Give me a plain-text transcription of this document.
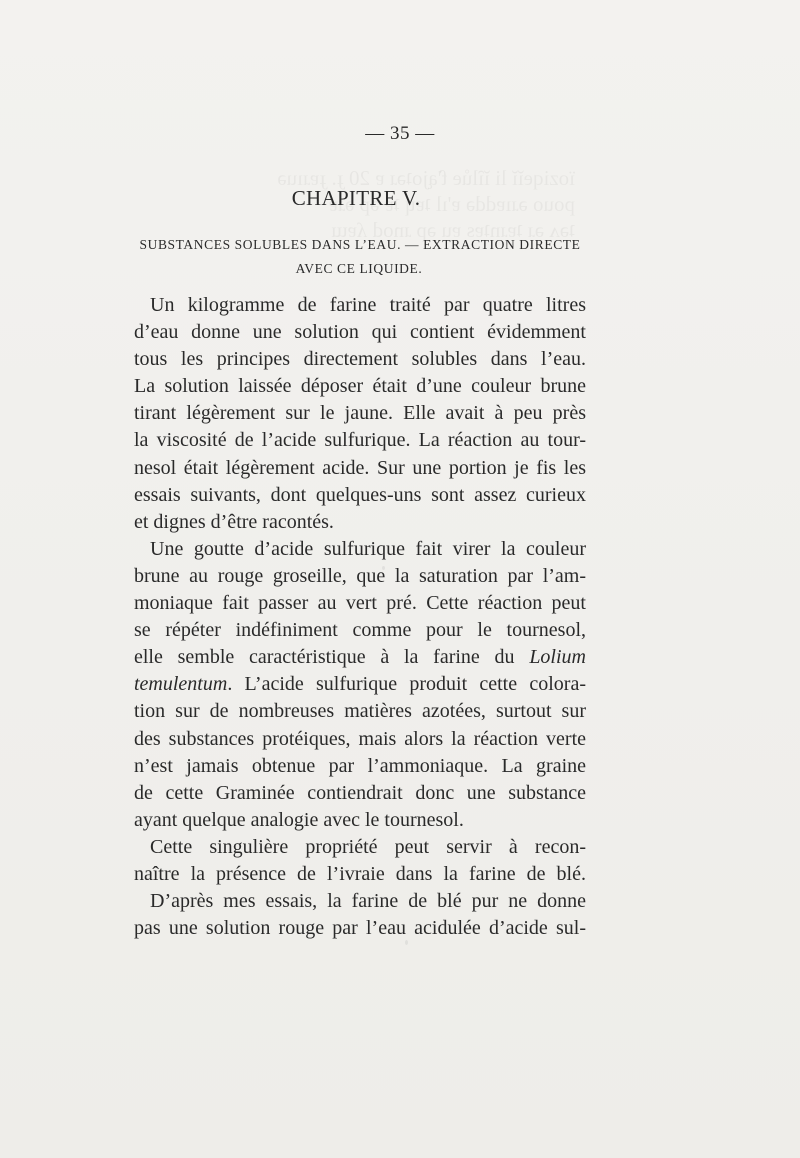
— 35 —
CHAPITRE V.
SUBSTANCES SOLUBLES DANS L’EAU. — EXTRACTION DIRECTE
AVEC CE LIQUIDE.
Un kilogramme de farine traité par quatre litres
d’eau donne une solution qui contient évidemment
tous les principes directement solubles dans l’eau.
La solution laissée déposer était d’une couleur brune
tirant légèrement sur le jaune. Elle avait à peu près
la viscosité de l’acide sulfurique. La réaction au tour-
nesol était légèrement acide. Sur une portion je fis les
essais suivants, dont quelques-uns sont assez curieux
et dignes d’être racontés.
Une goutte d’acide sulfurique fait virer la couleur
brune au rouge groseille, que la saturation par l’am-
moniaque fait passer au vert pré. Cette réaction peut
se répéter indéfiniment comme pour le tournesol,
elle semble caractéristique à la farine du Lolium
temulentum. L’acide sulfurique produit cette colora-
tion sur de nombreuses matières azotées, surtout sur
des substances protéiques, mais alors la réaction verte
n’est jamais obtenue par l’ammoniaque. La graine
de cette Graminée contiendrait donc une substance
ayant quelque analogie avec le tournesol.
Cette singulière propriété peut servir à recon-
naître la présence de l’ivraie dans la farine de blé.
D’après mes essais, la farine de blé pur ne donne
pas une solution rouge par l’eau acidulée d’acide sul-
